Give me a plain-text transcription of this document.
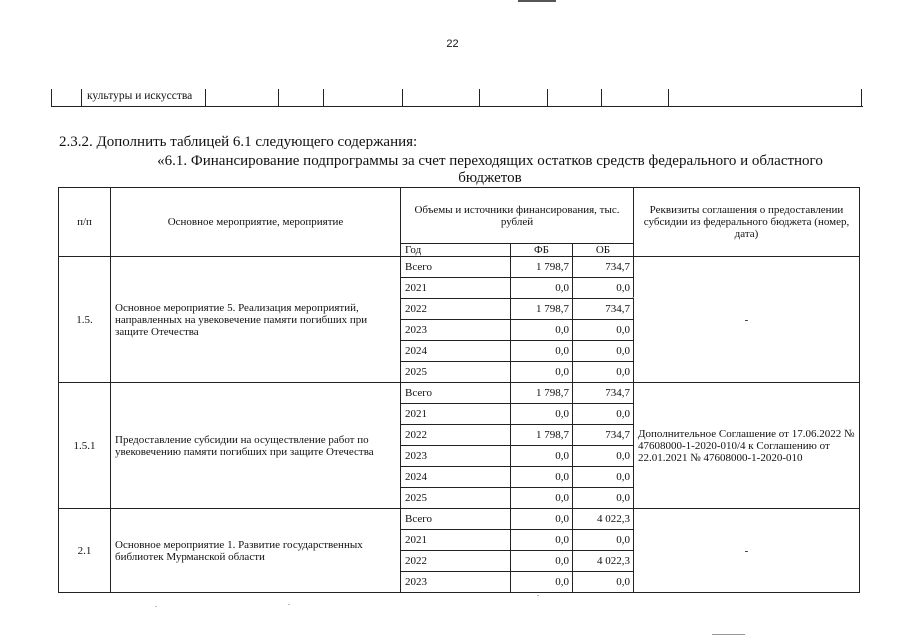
22
культуры и искусства
2.3.2. Дополнить таблицей 6.1 следующего содержания:
«6.1. Финансирование подпрограммы за счет переходящих остатков средств федерального и областного бюджетов
п/п	Основное мероприятие, мероприятие	Объемы и источники финансирования, тыс. рублей			Реквизиты соглашения о предоставлении субсидии из федерального бюджета (номер, дата)
		Год	ФБ	ОБ	
1.5.	Основное мероприятие 5. Реализация мероприятий, направленных на увековечение памяти погибших при защите Отечества	Всего	1 798,7	734,7	-
		2021	0,0	0,0	
		2022	1 798,7	734,7	
		2023	0,0	0,0	
		2024	0,0	0,0	
		2025	0,0	0,0	
1.5.1	Предоставление субсидии на осуществление работ по увековечению памяти погибших при защите Отечества	Всего	1 798,7	734,7	Дополнительное Соглашение от 17.06.2022 № 47608000-1-2020-010/4 к Соглашению от 22.01.2021 № 47608000-1-2020-010
		2021	0,0	0,0	
		2022	1 798,7	734,7	
		2023	0,0	0,0	
		2024	0,0	0,0	
		2025	0,0	0,0	
2.1	Основное мероприятие 1. Развитие государственных библиотек Мурманской области	Всего	0,0	4 022,3	-
		2021	0,0	0,0	
		2022	0,0	4 022,3	
		2023	0,0	0,0	
